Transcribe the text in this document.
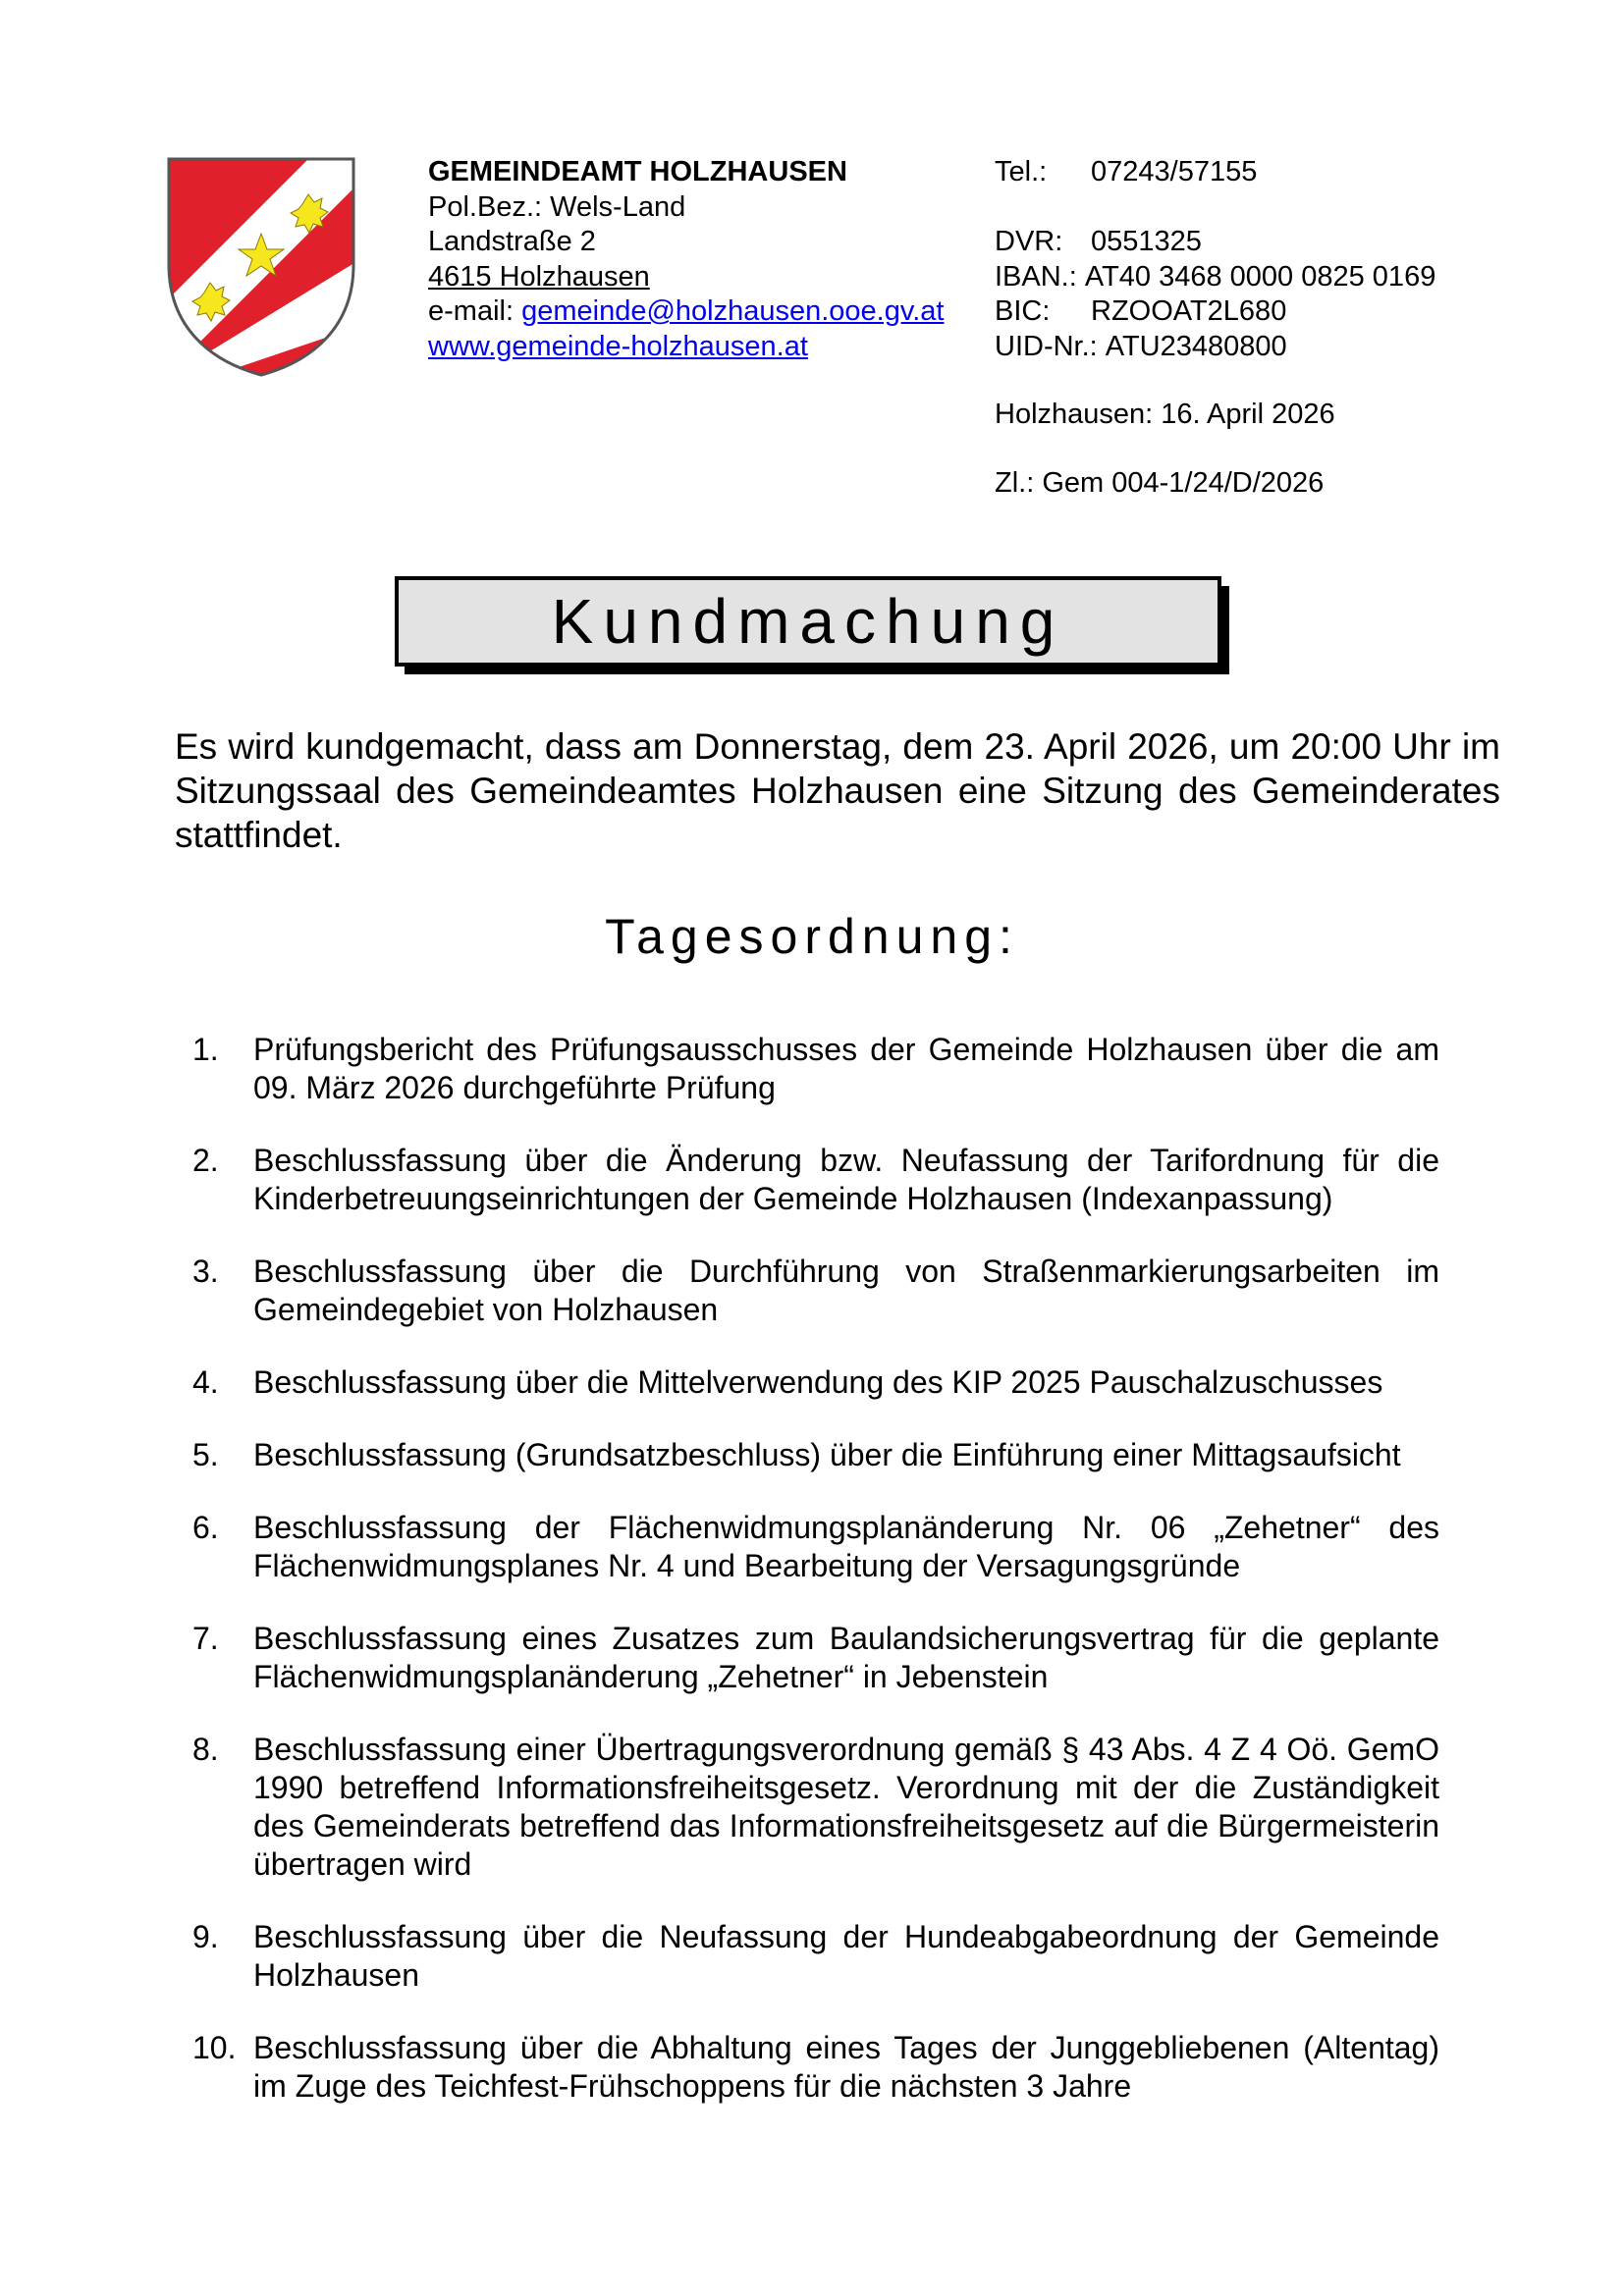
GEMEINDEAMT HOLZHAUSEN
Pol.Bez.: Wels-Land
Landstraße 2
4615 Holzhausen
e-mail: gemeinde@holzhausen.ooe.gv.at
www.gemeinde-holzhausen.at
Tel.:	07243/57155

DVR: 0551325
IBAN.:
AT40 3468 0000 0825 0169
BIC:	RZOOAT2L680
UID-Nr.:
ATU23480800
Holzhausen: 16. April 2026
Zl.: Gem 004-1/24/D/2026
Kundmachung
Es wird kundgemacht, dass am Donnerstag, dem 23. April 2026, um 20:00 Uhr im Sitzungssaal des Gemeindeamtes Holzhausen eine Sitzung des Gemeinderates stattfindet.
Tagesordnung:
1.	Prüfungsbericht des Prüfungsausschusses der Gemeinde Holzhausen über die am 09. März 2026 durchgeführte Prüfung
2.	Beschlussfassung über die Änderung bzw. Neufassung der Tarifordnung für die Kinderbetreuungseinrichtungen der Gemeinde Holzhausen (Indexanpassung)
3.	Beschlussfassung über die Durchführung von Straßenmarkierungsarbeiten im Gemeindegebiet von Holzhausen
4.	Beschlussfassung über die Mittelverwendung des KIP 2025 Pauschalzuschusses
5.	Beschlussfassung (Grundsatzbeschluss) über die Einführung einer Mittagsaufsicht
6.	Beschlussfassung der Flächenwidmungsplanänderung Nr. 06 „Zehetner“ des Flächenwidmungsplanes Nr. 4 und Bearbeitung der Versagungsgründe
7.	Beschlussfassung eines Zusatzes zum Baulandsicherungsvertrag für die geplante Flächenwidmungsplanänderung „Zehetner“ in Jebenstein
8.	Beschlussfassung einer Übertragungsverordnung gemäß § 43 Abs. 4 Z 4 Oö. GemO 1990 betreffend Informationsfreiheitsgesetz. Verordnung mit der die Zuständigkeit des Gemeinderats betreffend das Informationsfreiheitsgesetz auf die Bürgermeisterin übertragen wird
9.	Beschlussfassung über die Neufassung der Hundeabgabeordnung der Gemeinde Holzhausen
10. Beschlussfassung über die Abhaltung eines Tages der Junggebliebenen (Altentag) im Zuge des Teichfest-Frühschoppens für die nächsten 3 Jahre
